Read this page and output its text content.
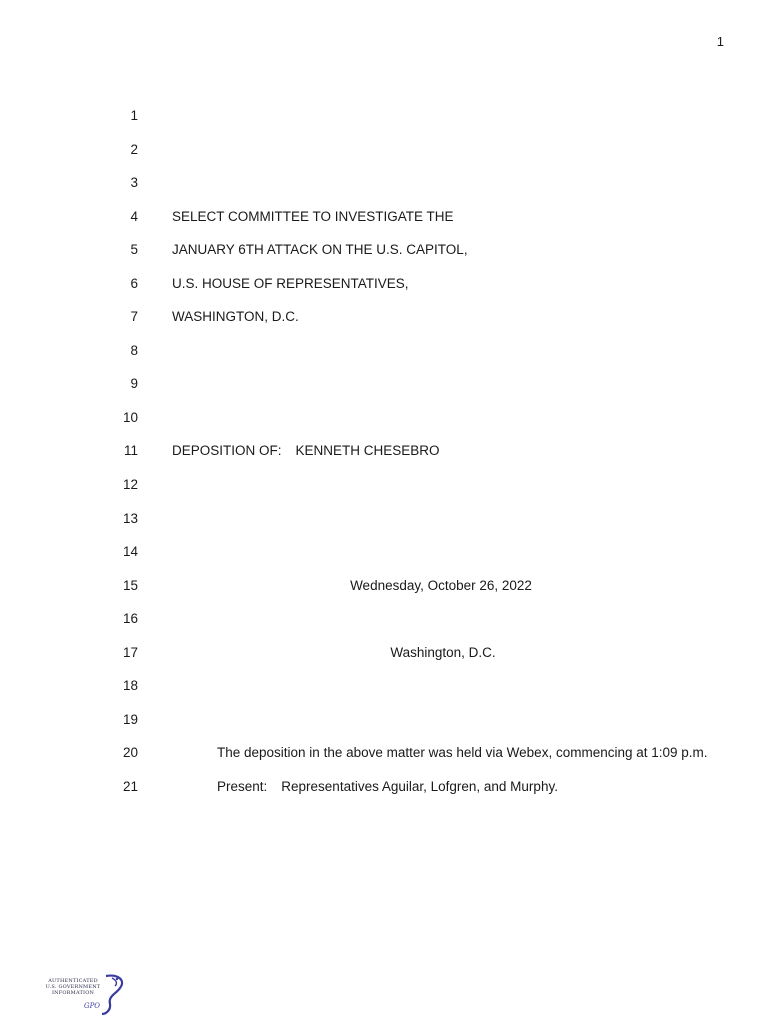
1
1
2
3
4	SELECT COMMITTEE TO INVESTIGATE THE
5	JANUARY 6TH ATTACK ON THE U.S. CAPITOL,
6	U.S. HOUSE OF REPRESENTATIVES,
7	WASHINGTON, D.C.
8
9
10
11	DEPOSITION OF: KENNETH CHESEBRO
12
13
14
15	Wednesday, October 26, 2022
16
17	Washington, D.C.
18
19
20	The deposition in the above matter was held via Webex, commencing at 1:09 p.m.
21	Present: Representatives Aguilar, Lofgren, and Murphy.
AUTHENTICATED U.S. GOVERNMENT INFORMATION
GPO
